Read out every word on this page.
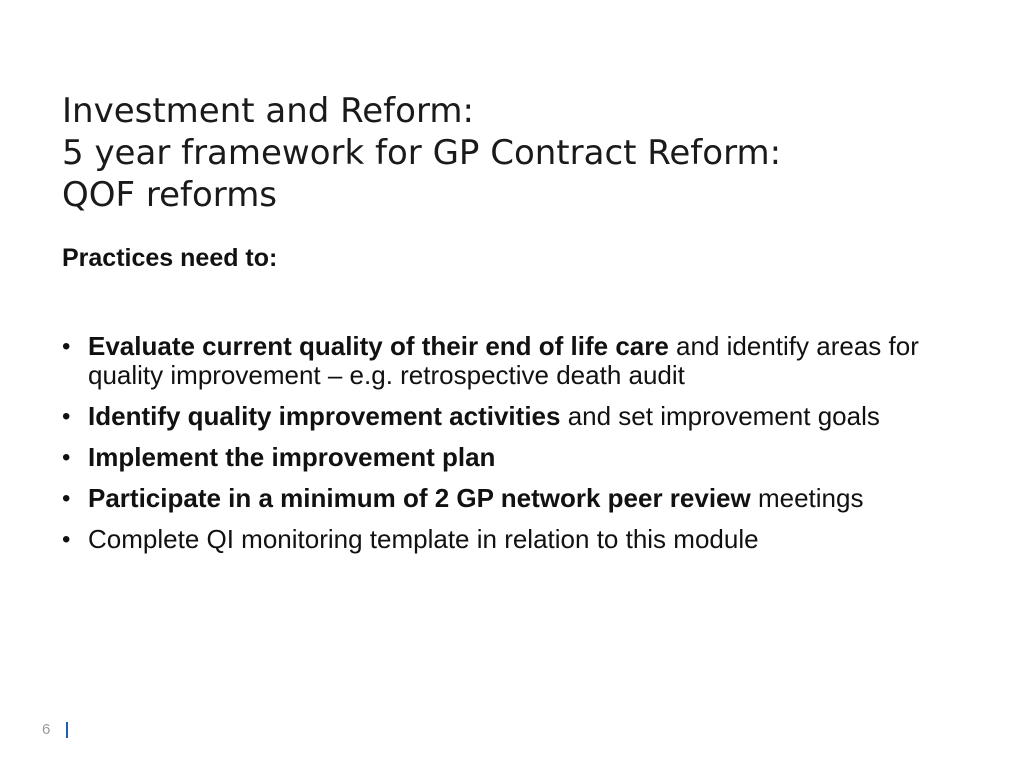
Investment and Reform:
5 year framework for GP Contract Reform:
QOF reforms
Practices need to:
• Evaluate current quality of their end of life care and identify areas for quality improvement – e.g. retrospective death audit
• Identify quality improvement activities and set improvement goals
• Implement the improvement plan
• Participate in a minimum of 2 GP network peer review meetings
• Complete QI monitoring template in relation to this module
6
